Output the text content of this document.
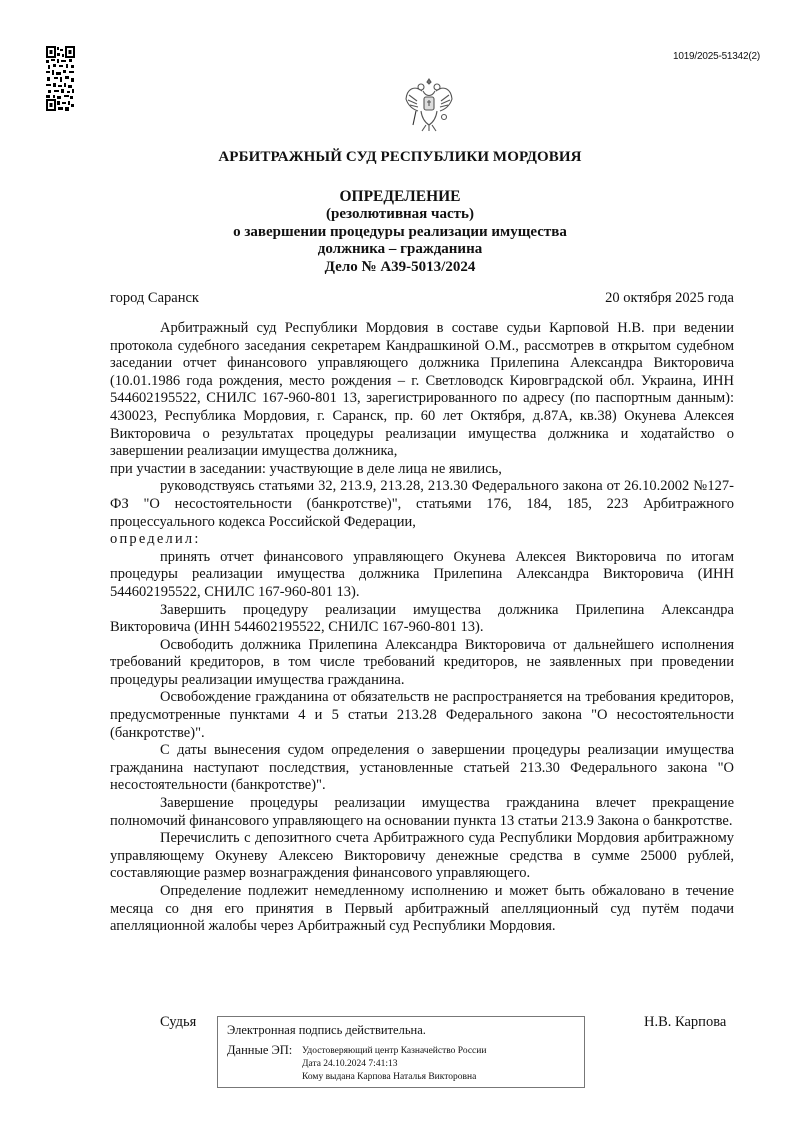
1019/2025-51342(2)
АРБИТРАЖНЫЙ СУД РЕСПУБЛИКИ МОРДОВИЯ
ОПРЕДЕЛЕНИЕ
(резолютивная часть)
о завершении процедуры реализации имущества
должника – гражданина
Дело № А39-5013/2024
город Саранск	20 октября 2025 года

Арбитражный суд Республики Мордовия в составе судьи Карповой Н.В. при ведении протокола судебного заседания секретарем Кандрашкиной О.М., рассмотрев в открытом судебном заседании отчет финансового управляющего должника Прилепина Александра Викторовича (10.01.1986 года рождения, место рождения – г. Светловодск Кировградской обл. Украина, ИНН 544602195522, СНИЛС 167-960-801 13, зарегистрированного по адресу (по паспортным данным): 430023, Республика Мордовия, г. Саранск, пр. 60 лет Октября, д.87А, кв.38) Окунева Алексея Викторовича о результатах процедуры реализации имущества должника и ходатайство о завершении реализации имущества должника,

при участии в заседании: участвующие в деле лица не явились,

руководствуясь статьями 32, 213.9, 213.28, 213.30 Федерального закона от 26.10.2002 №127-ФЗ "О несостоятельности (банкротстве)", статьями 176, 184, 185, 223 Арбитражного процессуального кодекса Российской Федерации,

определил:

принять отчет финансового управляющего Окунева Алексея Викторовича по итогам процедуры реализации имущества должника Прилепина Александра Викторовича (ИНН 544602195522, СНИЛС 167-960-801 13).

Завершить процедуру реализации имущества должника Прилепина Александра Викторовича (ИНН 544602195522, СНИЛС 167-960-801 13).

Освободить должника Прилепина Александра Викторовича от дальнейшего исполнения требований кредиторов, в том числе требований кредиторов, не заявленных при проведении процедуры реализации имущества гражданина.

Освобождение гражданина от обязательств не распространяется на требования кредиторов, предусмотренные пунктами 4 и 5 статьи 213.28 Федерального закона "О несостоятельности (банкротстве)".

С даты вынесения судом определения о завершении процедуры реализации имущества гражданина наступают последствия, установленные статьей 213.30 Федерального закона "О несостоятельности (банкротстве)".

Завершение процедуры реализации имущества гражданина влечет прекращение полномочий финансового управляющего на основании пункта 13 статьи 213.9 Закона о банкротстве.

Перечислить с депозитного счета Арбитражного суда Республики Мордовия арбитражному управляющему Окуневу Алексею Викторовичу денежные средства в сумме 25000 рублей, составляющие размер вознаграждения финансового управляющего.

Определение подлежит немедленному исполнению и может быть обжаловано в течение месяца со дня его принятия в Первый арбитражный апелляционный суд путём подачи апелляционной жалобы через Арбитражный суд Республики Мордовия.

Судья Электронная подпись действительна.
Данные ЭП: Удостоверяющий центр Казначейство России
Дата 24.10.2024 7:41:13
Кому выдана Карпова Наталья Викторовна
Н.В. Карпова
